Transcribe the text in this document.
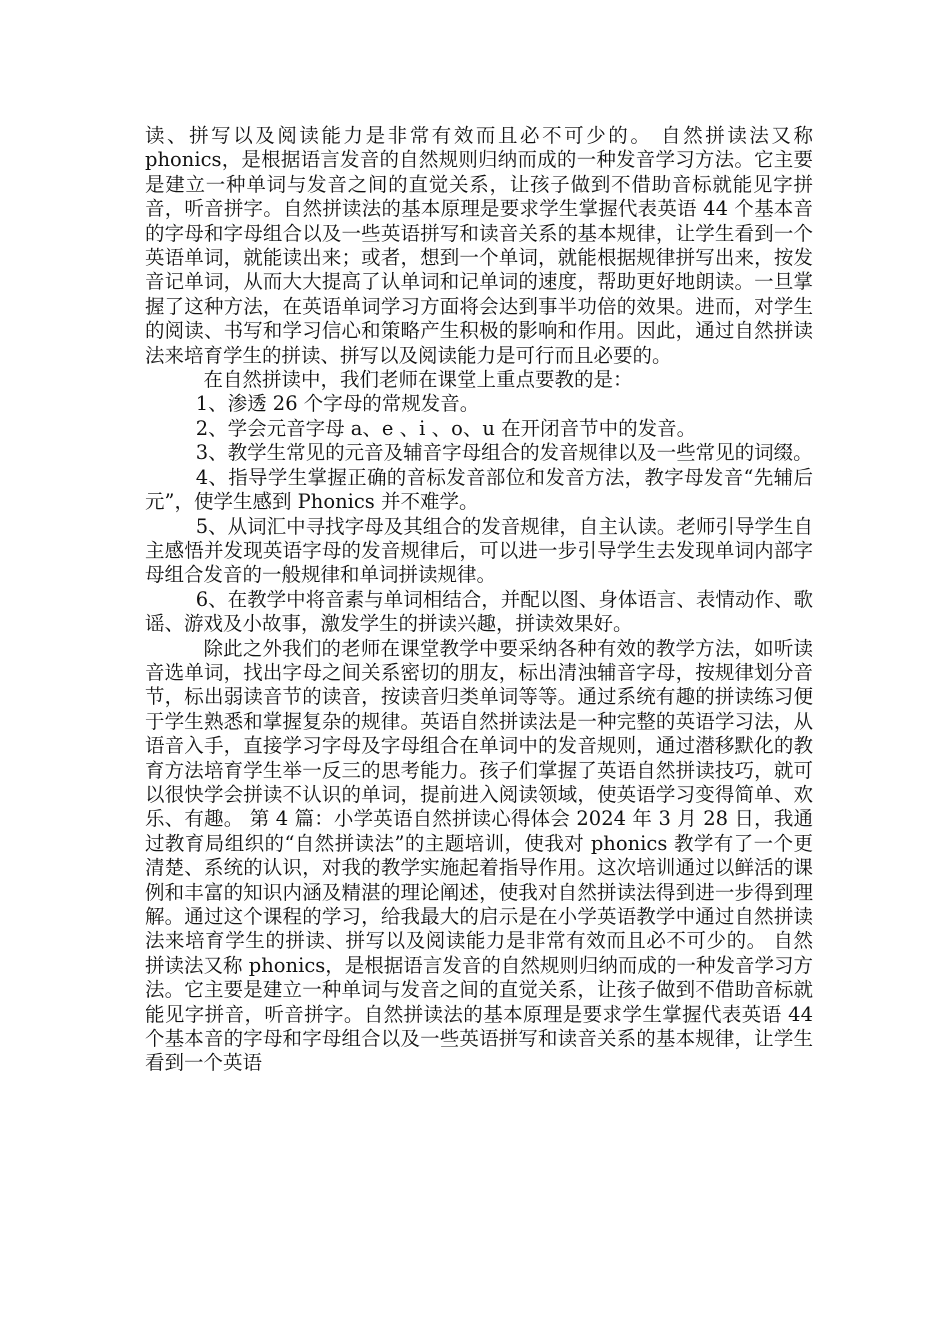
读、拼写以及阅读能力是非常有效而且必不可少的。 自然拼读法又称 phonics，是根据语言发音的自然规则归纳而成的一种发音学习方法。它主要是建立一种单词与发音之间的直觉关系，让孩子做到不借助音标就能见字拼音，听音拼字。自然拼读法的基本原理是要求学生掌握代表英语 44 个基本音的字母和字母组合以及一些英语拼写和读音关系的基本规律，让学生看到一个英语单词，就能读出来；或者，想到一个单词，就能根据规律拼写出来，按发音记单词，从而大大提高了认单词和记单词的速度，帮助更好地朗读。一旦掌握了这种方法，在英语单词学习方面将会达到事半功倍的效果。进而，对学生的阅读、书写和学习信心和策略产生积极的影响和作用。因此，通过自然拼读法来培育学生的拼读、拼写以及阅读能力是可行而且必要的。

在自然拼读中，我们老师在课堂上重点要教的是：

1、渗透 26 个字母的常规发音。

2、学会元音字母 a、e 、i 、o、u 在开闭音节中的发音。

3、教学生常见的元音及辅音字母组合的发音规律以及一些常见的词缀。

4、指导学生掌握正确的音标发音部位和发音方法，教字母发音“先辅后元”，使学生感到 Phonics 并不难学。

5、从词汇中寻找字母及其组合的发音规律，自主认读。老师引导学生自主感悟并发现英语字母的发音规律后，可以进一步引导学生去发现单词内部字母组合发音的一般规律和单词拼读规律。

6、在教学中将音素与单词相结合，并配以图、身体语言、表情动作、歌谣、游戏及小故事，激发学生的拼读兴趣，拼读效果好。

除此之外我们的老师在课堂教学中要采纳各种有效的教学方法，如听读音选单词，找出字母之间关系密切的朋友，标出清浊辅音字母，按规律划分音节，标出弱读音节的读音，按读音归类单词等等。通过系统有趣的拼读练习便于学生熟悉和掌握复杂的规律。英语自然拼读法是一种完整的英语学习法，从语音入手，直接学习字母及字母组合在单词中的发音规则，通过潜移默化的教育方法培育学生举一反三的思考能力。孩子们掌握了英语自然拼读技巧，就可以很快学会拼读不认识的单词，提前进入阅读领域，使英语学习变得简单、欢乐、有趣。 第 4 篇：小学英语自然拼读心得体会 2024 年 3 月 28 日，我通过教育局组织的“自然拼读法”的主题培训，使我对 phonics 教学有了一个更清楚、系统的认识，对我的教学实施起着指导作用。这次培训通过以鲜活的课例和丰富的知识内涵及精湛的理论阐述，使我对自然拼读法得到进一步得到理解。通过这个课程的学习，给我最大的启示是在小学英语教学中通过自然拼读法来培育学生的拼读、拼写以及阅读能力是非常有效而且必不可少的。 自然拼读法又称 phonics，是根据语言发音的自然规则归纳而成的一种发音学习方法。它主要是建立一种单词与发音之间的直觉关系，让孩子做到不借助音标就能见字拼音，听音拼字。自然拼读法的基本原理是要求学生掌握代表英语 44 个基本音的字母和字母组合以及一些英语拼写和读音关系的基本规律，让学生看到一个英语
